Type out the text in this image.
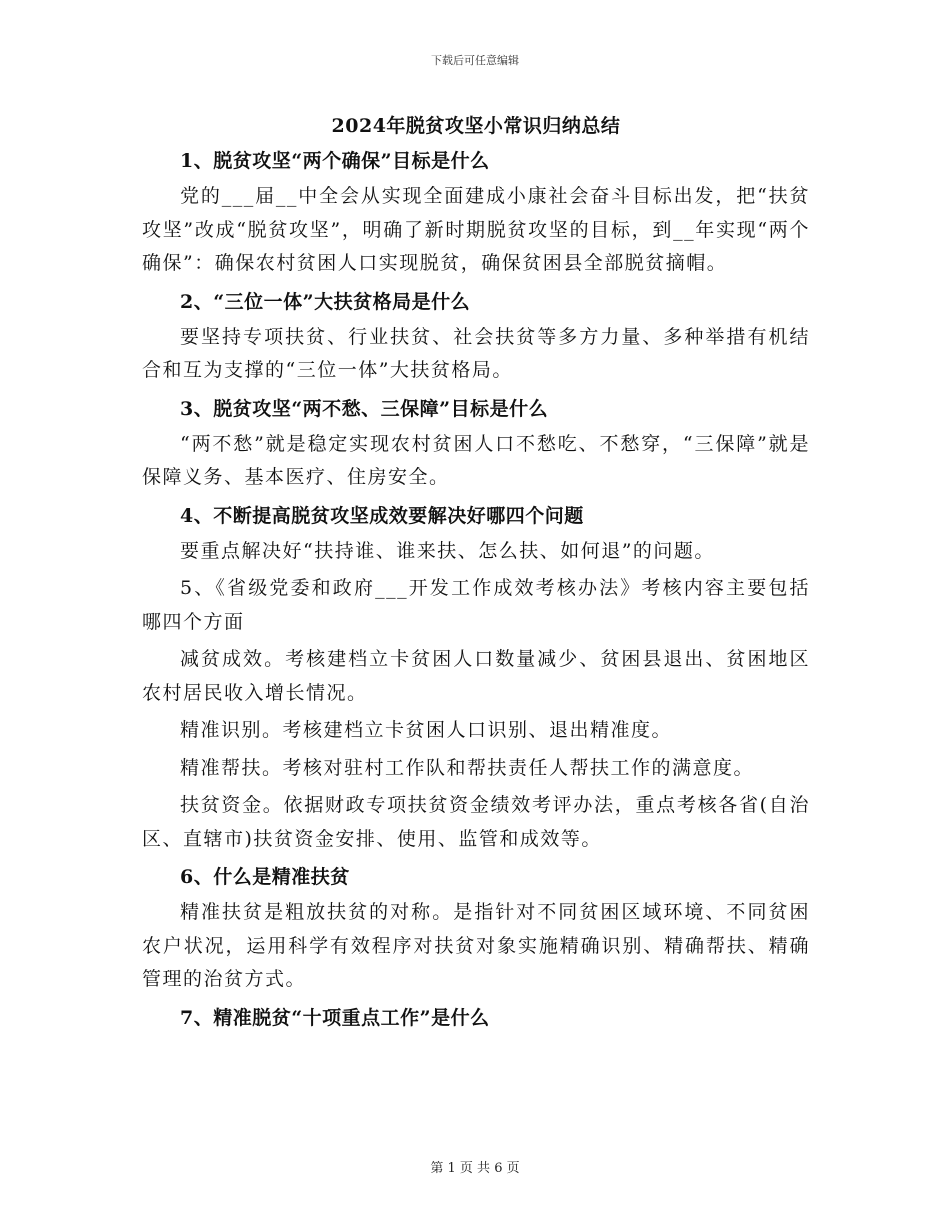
下载后可任意编辑
2024年脱贫攻坚小常识归纳总结
1、脱贫攻坚“两个确保”目标是什么
党的___届__中全会从实现全面建成小康社会奋斗目标出发，把“扶贫攻坚”改成“脱贫攻坚”，明确了新时期脱贫攻坚的目标，到__年实现“两个确保”：确保农村贫困人口实现脱贫，确保贫困县全部脱贫摘帽。
2、“三位一体”大扶贫格局是什么
要坚持专项扶贫、行业扶贫、社会扶贫等多方力量、多种举措有机结合和互为支撑的“三位一体”大扶贫格局。
3、脱贫攻坚“两不愁、三保障”目标是什么
“两不愁”就是稳定实现农村贫困人口不愁吃、不愁穿，“三保障”就是保障义务、基本医疗、住房安全。
4、不断提高脱贫攻坚成效要解决好哪四个问题
要重点解决好“扶持谁、谁来扶、怎么扶、如何退”的问题。
5、《省级党委和政府___开发工作成效考核办法》考核内容主要包括哪四个方面
减贫成效。考核建档立卡贫困人口数量减少、贫困县退出、贫困地区农村居民收入增长情况。
精准识别。考核建档立卡贫困人口识别、退出精准度。
精准帮扶。考核对驻村工作队和帮扶责任人帮扶工作的满意度。
扶贫资金。依据财政专项扶贫资金绩效考评办法，重点考核各省(自治区、直辖市)扶贫资金安排、使用、监管和成效等。
6、什么是精准扶贫
精准扶贫是粗放扶贫的对称。是指针对不同贫困区域环境、不同贫困农户状况，运用科学有效程序对扶贫对象实施精确识别、精确帮扶、精确管理的治贫方式。
7、精准脱贫“十项重点工作”是什么
第 1 页 共 6 页
